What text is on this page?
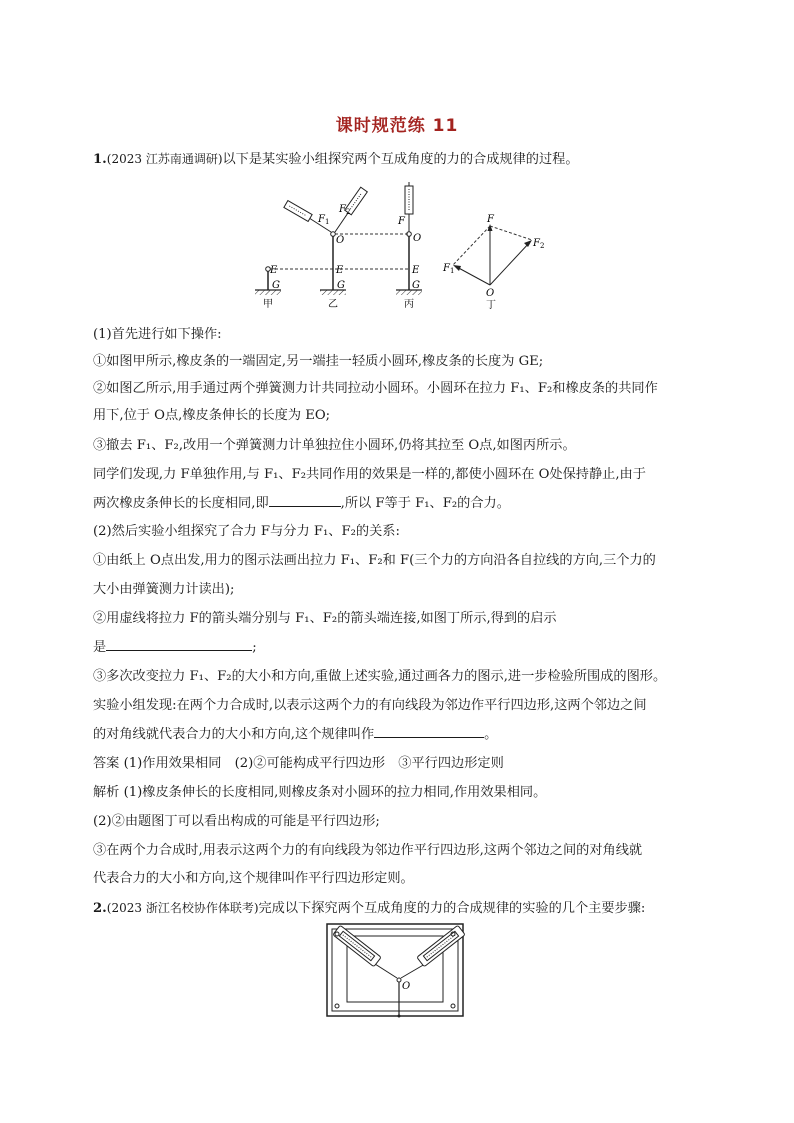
课时规范练 11
1.(2023 江苏南通调研)以下是某实验小组探究两个互成角度的力的合成规律的过程。
G
E
甲
$F_1$
$F_2$
O
E
G
乙
F
O
E
G
丙
F
$F_2$
$F_1$
O
丁
(1)首先进行如下操作:
①如图甲所示,橡皮条的一端固定,另一端挂一轻质小圆环,橡皮条的长度为 GE;
②如图乙所示,用手通过两个弹簧测力计共同拉动小圆环。小圆环在拉力 F₁、F₂和橡皮条的共同作
用下,位于 O点,橡皮条伸长的长度为 EO;
③撤去 F₁、F₂,改用一个弹簧测力计单独拉住小圆环,仍将其拉至 O点,如图丙所示。
同学们发现,力 F单独作用,与 F₁、F₂共同作用的效果是一样的,都使小圆环在 O处保持静止,由于
两次橡皮条伸长的长度相同,即	,所以 F等于 F₁、F₂的合力。
(2)然后实验小组探究了合力 F与分力 F₁、F₂的关系:
①由纸上 O点出发,用力的图示法画出拉力 F₁、F₂和 F(三个力的方向沿各自拉线的方向,三个力的
大小由弹簧测力计读出);
②用虚线将拉力 F的箭头端分别与 F₁、F₂的箭头端连接,如图丁所示,得到的启示
是	;
③多次改变拉力 F₁、F₂的大小和方向,重做上述实验,通过画各力的图示,进一步检验所围成的图形。
实验小组发现:在两个力合成时,以表示这两个力的有向线段为邻边作平行四边形,这两个邻边之间
的对角线就代表合力的大小和方向,这个规律叫作	。
答案 (1)作用效果相同　(2)②可能构成平行四边形　③平行四边形定则
解析 (1)橡皮条伸长的长度相同,则橡皮条对小圆环的拉力相同,作用效果相同。
(2)②由题图丁可以看出构成的可能是平行四边形;
③在两个力合成时,用表示这两个力的有向线段为邻边作平行四边形,这两个邻边之间的对角线就
代表合力的大小和方向,这个规律叫作平行四边形定则。
2.(2023 浙江名校协作体联考)完成以下探究两个互成角度的力的合成规律的实验的几个主要步骤:
O
